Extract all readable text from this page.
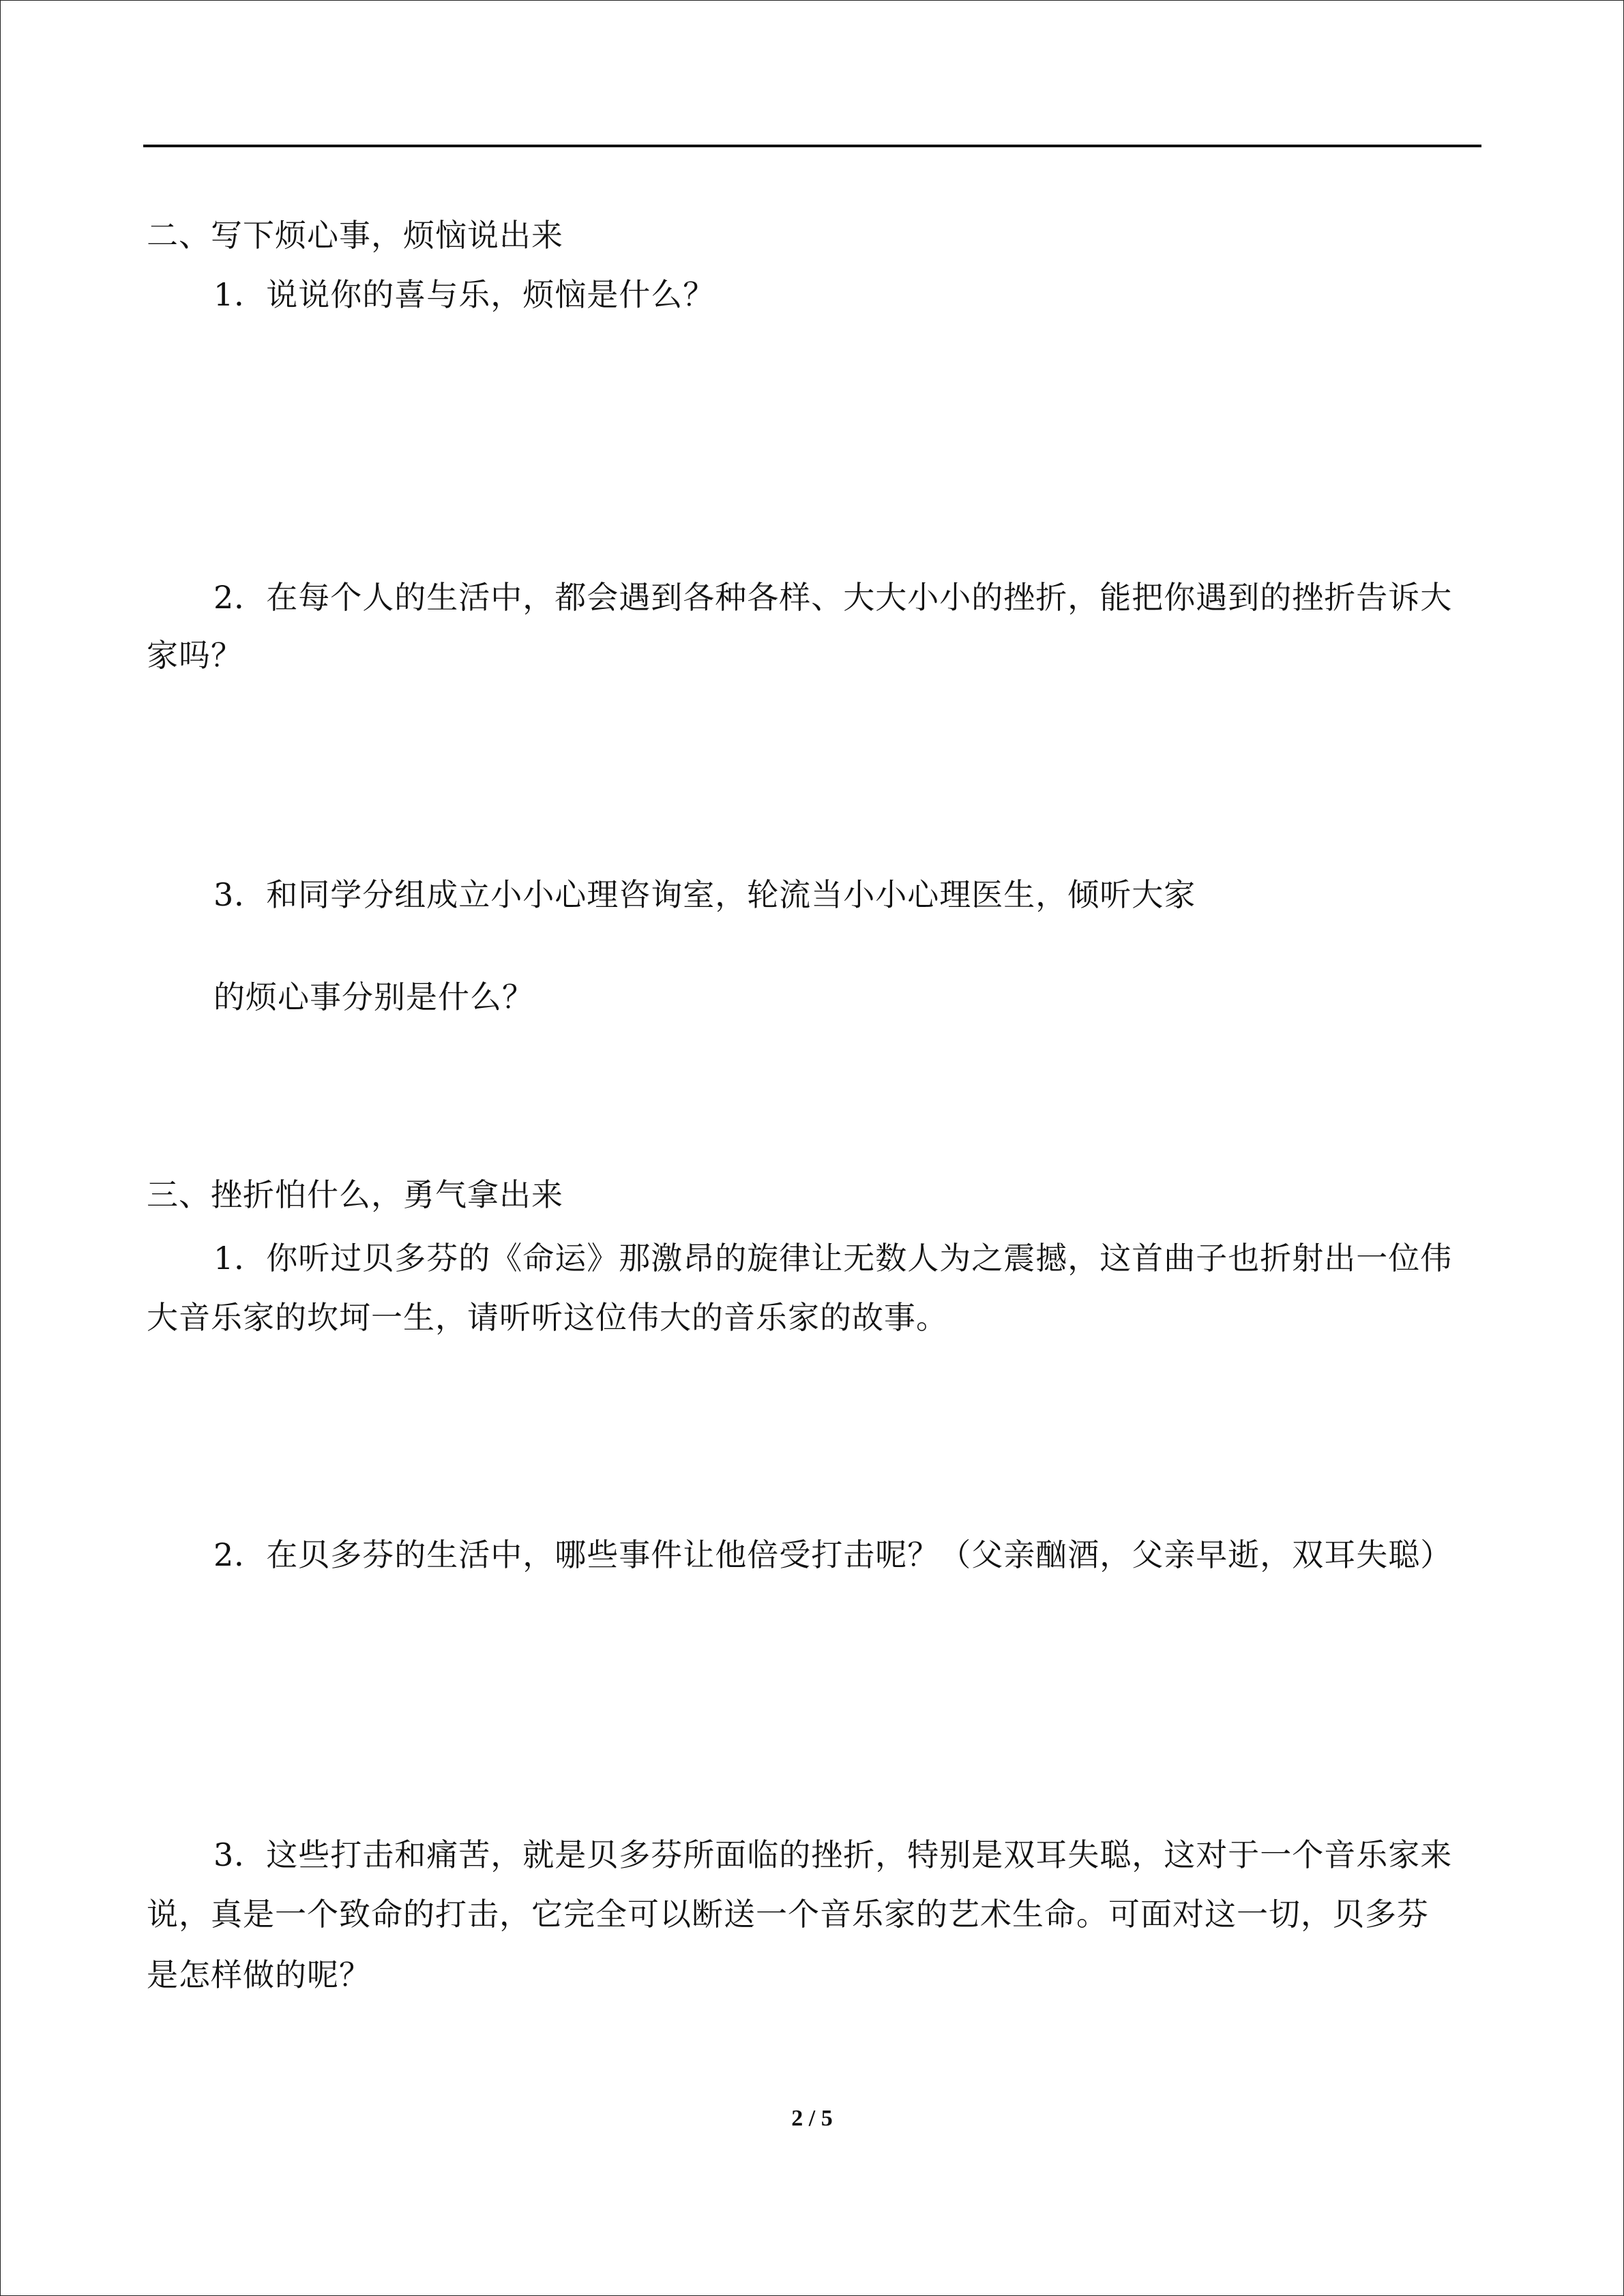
二、写下烦心事，烦恼说出来
1．说说你的喜与乐，烦恼是什么？
2．在每个人的生活中，都会遇到各种各样、大大小小的挫折，能把你遇到的挫折告诉大
家吗？
3．和同学分组成立小小心理咨询室，轮流当小小心理医生，倾听大家
的烦心事分别是什么？
三、挫折怕什么，勇气拿出来
1．你听过贝多芬的《命运》那激昂的旋律让无数人为之震撼，这首曲子也折射出一位伟
大音乐家的坎坷一生，请听听这位伟大的音乐家的故事。
2．在贝多芬的生活中，哪些事件让他倍受打击呢？（父亲酗酒，父亲早逝，双耳失聪）
3．这些打击和痛苦，就是贝多芬所面临的挫折，特别是双耳失聪，这对于一个音乐家来
说，真是一个致命的打击，它完全可以断送一个音乐家的艺术生命。可面对这一切，贝多芬
是怎样做的呢？
2 / 5
